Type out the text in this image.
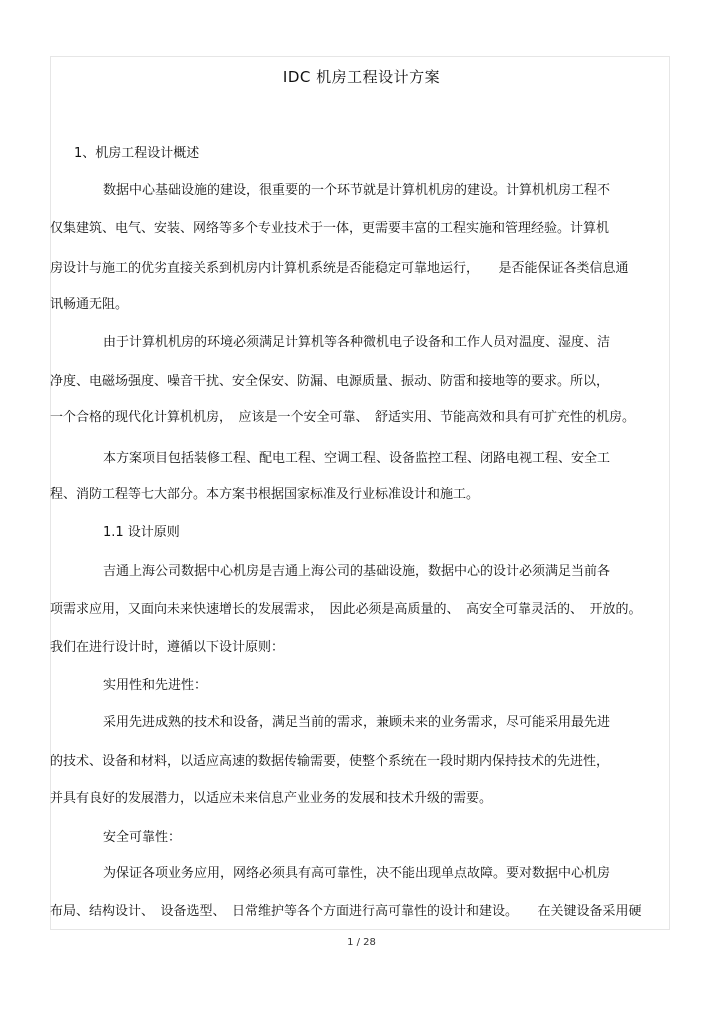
IDC 机房工程设计方案
1、机房工程设计概述
数据中心基础设施的建设，很重要的一个环节就是计算机机房的建设。计算机机房工程不
仅集建筑、电气、安装、网络等多个专业技术于一体，更需要丰富的工程实施和管理经验。计算机
房设计与施工的优劣直接关系到机房内计算机系统是否能稳定可靠地运行，　　是否能保证各类信息通
讯畅通无阻。
由于计算机机房的环境必须满足计算机等各种微机电子设备和工作人员对温度、湿度、洁
净度、电磁场强度、噪音干扰、安全保安、防漏、电源质量、振动、防雷和接地等的要求。所以，
一个合格的现代化计算机机房，　应该是一个安全可靠、　舒适实用、节能高效和具有可扩充性的机房。
本方案项目包括装修工程、配电工程、空调工程、设备监控工程、闭路电视工程、安全工
程、消防工程等七大部分。本方案书根据国家标准及行业标准设计和施工。
1.1 设计原则
吉通上海公司数据中心机房是吉通上海公司的基础设施，数据中心的设计必须满足当前各
项需求应用，又面向未来快速增长的发展需求，　因此必须是高质量的、　高安全可靠灵活的、　开放的。
我们在进行设计时，遵循以下设计原则：
实用性和先进性：
采用先进成熟的技术和设备，满足当前的需求，兼顾未来的业务需求，尽可能采用最先进
的技术、设备和材料，以适应高速的数据传输需要，使整个系统在一段时期内保持技术的先进性，
并具有良好的发展潜力，以适应未来信息产业业务的发展和技术升级的需要。
安全可靠性：
为保证各项业务应用，网络必须具有高可靠性，决不能出现单点故障。要对数据中心机房
布局、结构设计、　设备选型、　日常维护等各个方面进行高可靠性的设计和建设。　　在关键设备采用硬
1 / 28
